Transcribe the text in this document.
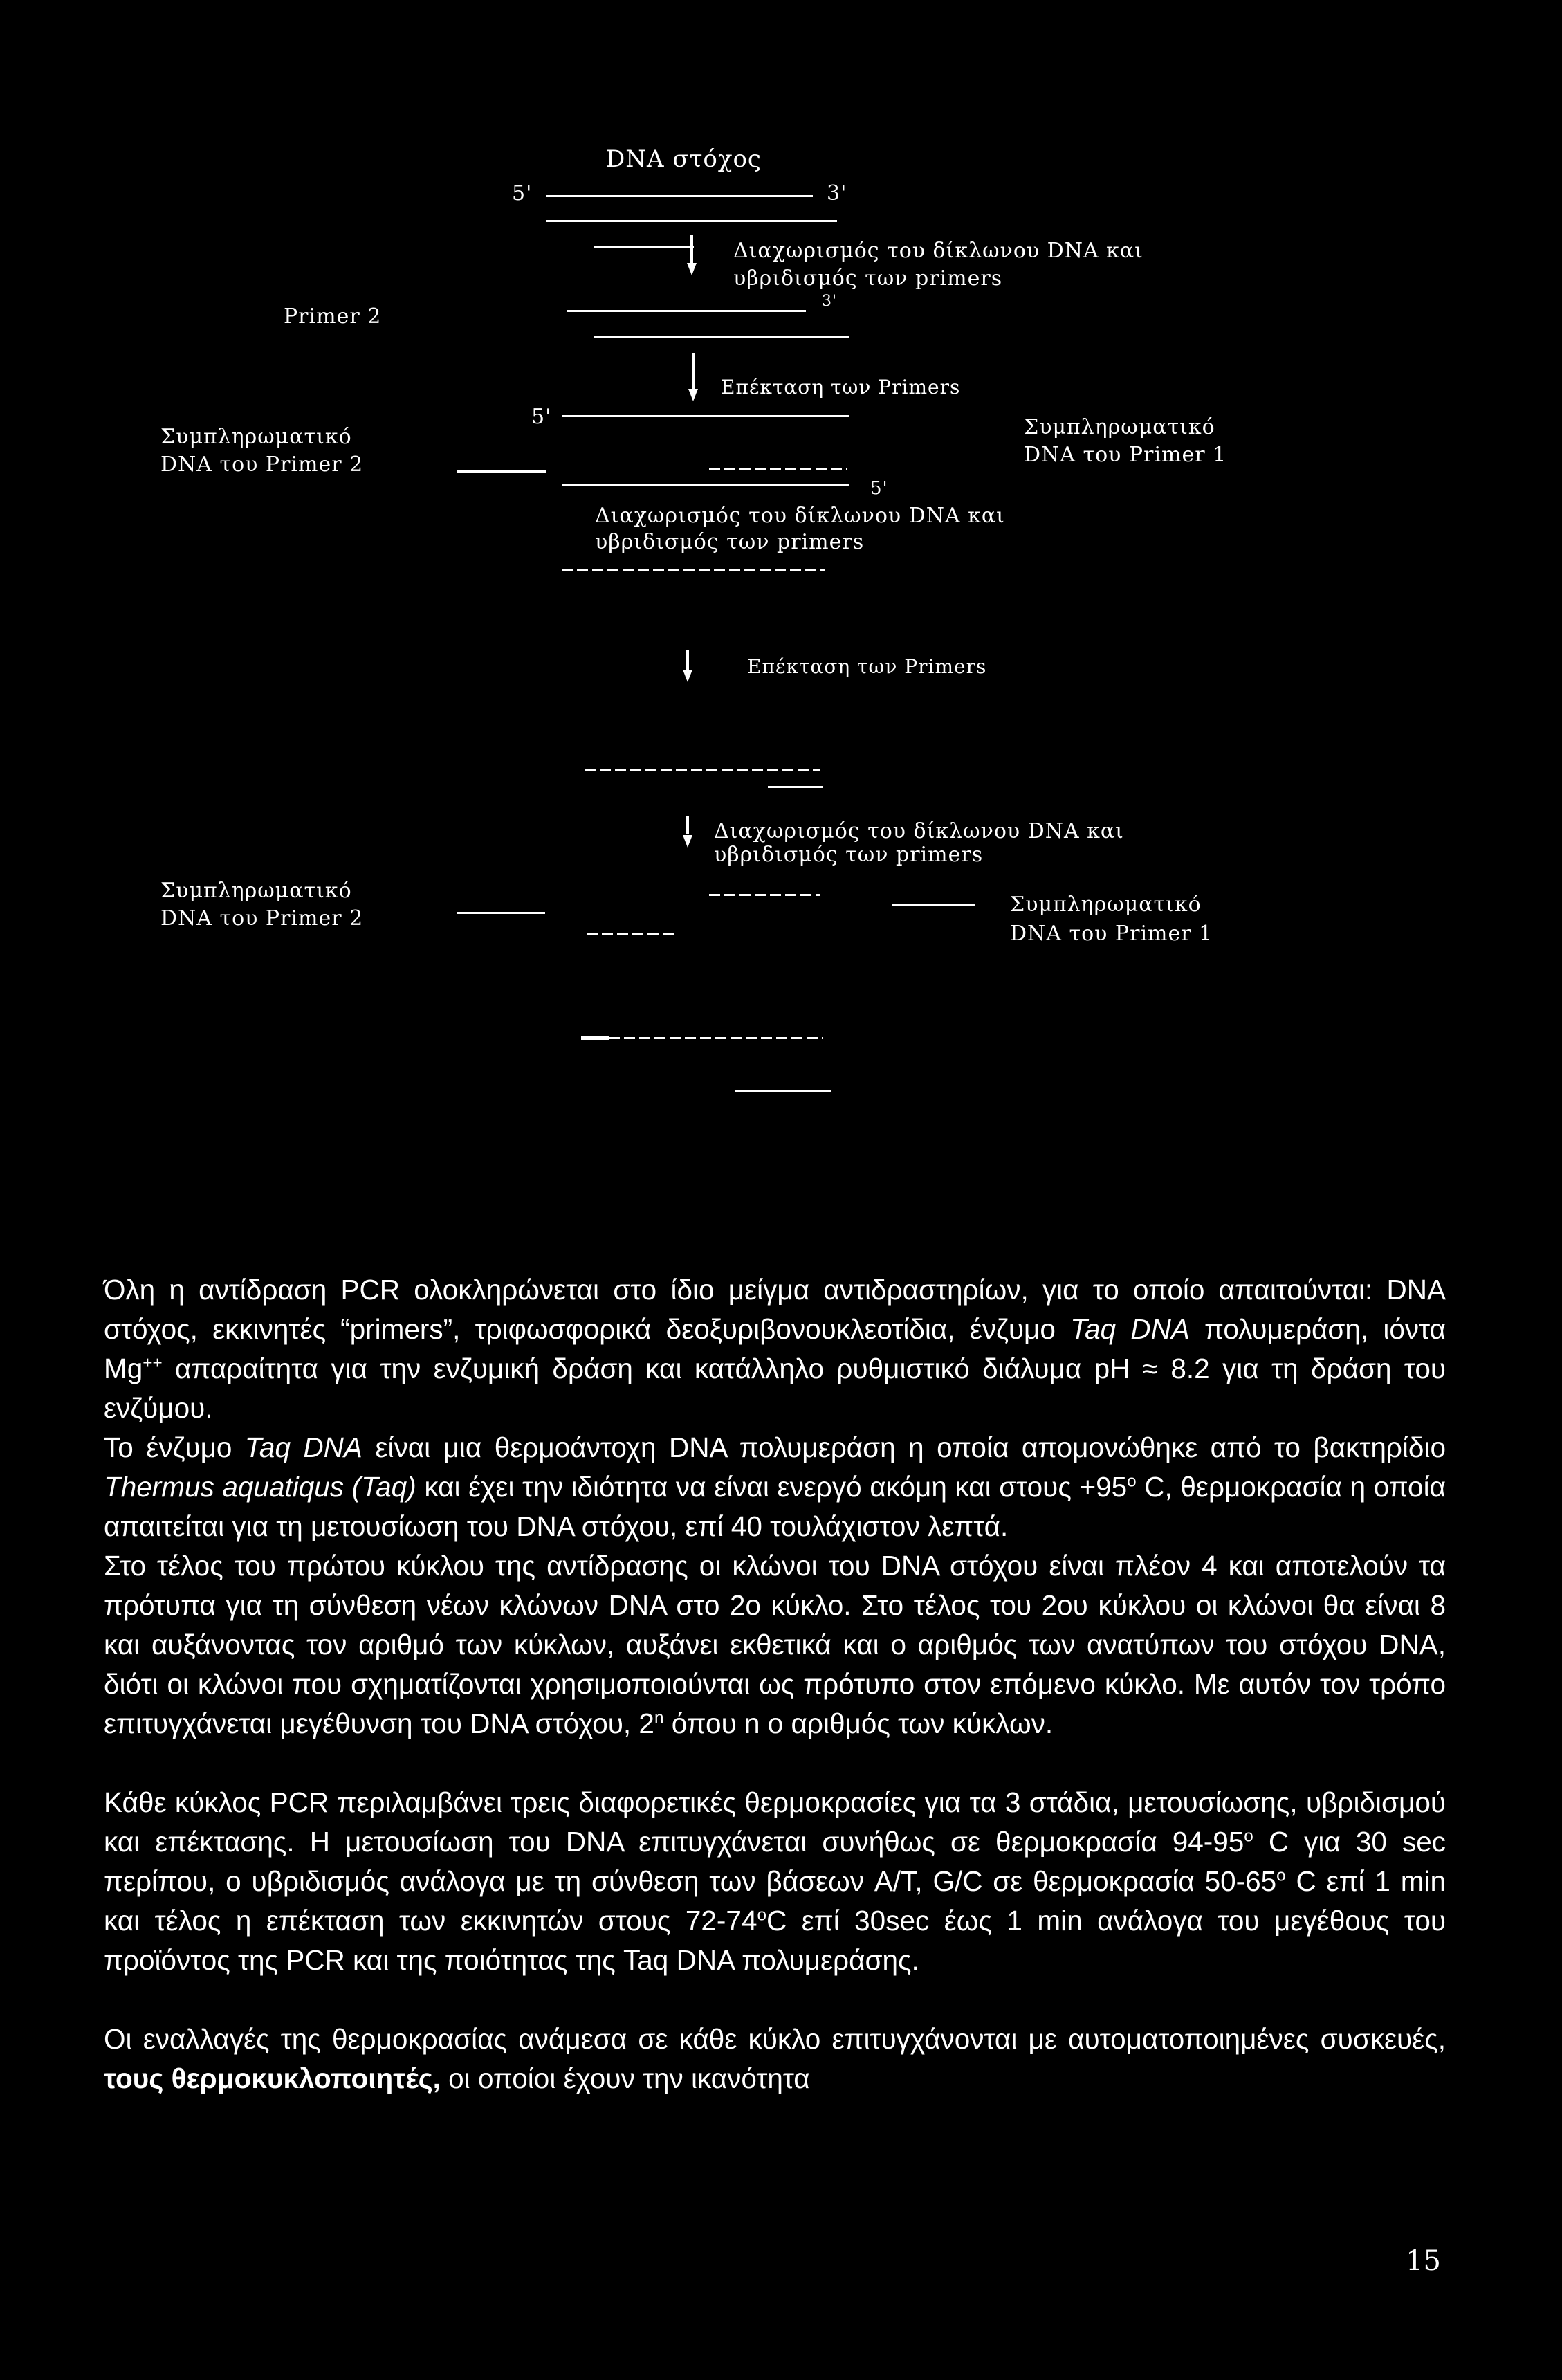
DNA στόχος
5'	3'
Διαχωρισμός του δίκλωνου DNA και
υβριδισμός των primers
Primer 2
3'
Επέκταση των Primers
5'
Συμπληρωματικό
DNA του Primer 2
Συμπληρωματικό
DNA του Primer 1
5'
Διαχωρισμός του δίκλωνου DNA και
υβριδισμός των primers
Επέκταση των Primers
Διαχωρισμός του δίκλωνου DNA και
υβριδισμός των primers
Συμπληρωματικό
DNA του Primer 2
Συμπληρωματικό
DNA του Primer 1

Όλη η αντίδραση PCR ολοκληρώνεται στο ίδιο μείγμα αντιδραστηρίων, για το οποίο απαιτούνται: DNA στόχος, εκκινητές “primers”, τριφωσφορικά δεοξυριβονουκλεοτίδια, ένζυμο Taq DNA πολυμεράση, ιόντα Mg++ απαραίτητα για την ενζυμική δράση και κατάλληλο ρυθμιστικό διάλυμα pH ≈ 8.2 για τη δράση του ενζύμου.

Το ένζυμο Taq DNA είναι μια θερμοάντοχη DNA πολυμεράση η οποία απομονώθηκε από το βακτηρίδιο Thermus aquatiqus (Taq) και έχει την ιδιότητα να είναι ενεργό ακόμη και $\sigma\tau o\upsilon\varsigma +95^o$ C, θερμοκρασία η οποία απαιτείται για τη μετουσίωση του DNA στόχου, επί 40 τουλάχιστον λεπτά.

Στο τέλος του πρώτου κύκλου της αντίδρασης οι κλώνοι του DNA στόχου είναι πλέον 4 και αποτελούν τα πρότυπα για τη σύνθεση νέων κλώνων DNA στο 2ο κύκλο. Στο τέλος του 2ου κύκλου οι κλώνοι θα είναι 8 και αυξάνοντας τον αριθμό των κύκλων, αυξάνει εκθετικά και ο αριθμός των ανατύπων του στόχου DNA, διότι οι κλώνοι που σχηματίζονται χρησιμοποιούνται ως πρότυπο στον επόμενο κύκλο. Με αυτόν τον τρόπο επιτυγχάνεται μεγέθυνση του DNA στόχου, 2$^n$ όπου n ο αριθμός των κύκλων.

Κάθε κύκλος PCR περιλαμβάνει τρεις διαφορετικές θερμοκρασίες για τα 3 στάδια, μετουσίωσης, υβριδισμού και επέκτασης. Η μετουσίωση του DNA επιτυγχάνεται συνήθως σε θερμοκρασία 94-95$^o$ C για 30 sec περίπου, ο υβριδισμός ανάλογα με τη σύνθεση των βάσεων A/T, G/C σε θερμοκρασία 50-65$^o$ C επί 1 min και τέλος η επέκταση των εκκινητών στους 72-74$^o$C επί 30sec έως 1 min ανάλογα του μεγέθους του προϊόντος της PCR και της ποιότητας της Taq DNA πολυμεράσης.

Οι εναλλαγές της θερμοκρασίας ανάμεσα σε κάθε κύκλο επιτυγχάνονται με αυτοματοποιημένες συσκευές, τους θερμοκυκλοποιητές, οι οποίοι έχουν την ικανότητα

15
